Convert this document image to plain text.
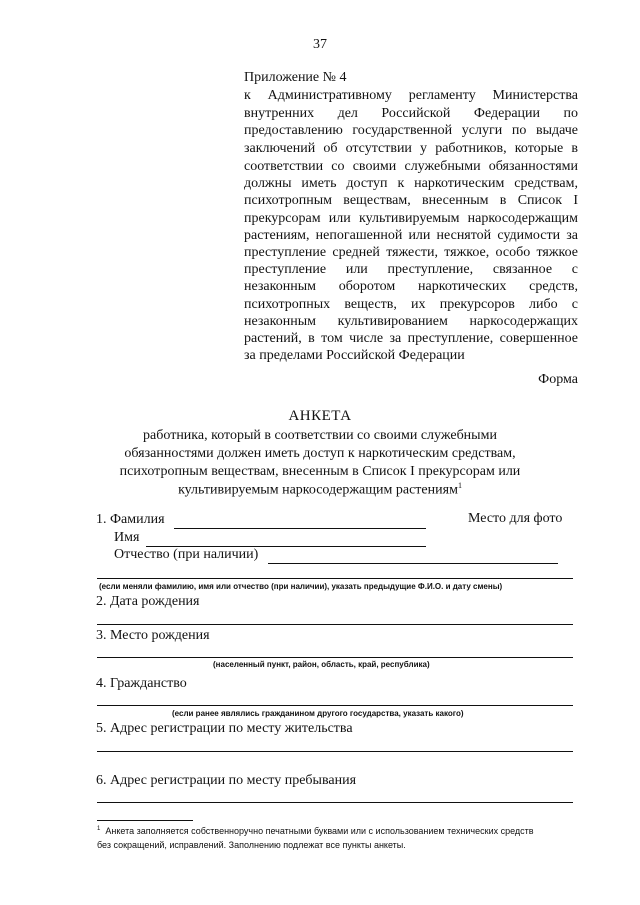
37
Приложение № 4
к Административному регламенту Министерства
внутренних дел Российской Федерации по
предоставлению государственной услуги по выдаче
заключений об отсутствии у работников, которые в
соответствии со своими служебными обязанностями
должны иметь доступ к наркотическим средствам,
психотропным веществам, внесенным в Список I
прекурсорам или культивируемым наркосодержащим
растениям, непогашенной или неснятой судимости за
преступление средней тяжести, тяжкое, особо тяжкое
преступление или преступление, связанное с
незаконным оборотом наркотических средств,
психотропных веществ, их прекурсоров либо с
незаконным культивированием наркосодержащих
растений, в том числе за преступление, совершенное
за пределами Российской Федерации
Форма
АНКЕТА
работника, который в соответствии со своими служебными
обязанностями должен иметь доступ к наркотическим средствам,
психотропным веществам, внесенным в Список I прекурсорам или
культивируемым наркосодержащим растениям$^1$
1. Фамилия	Место для фото
Имя
Отчество (при наличии)
(если меняли фамилию, имя или отчество (при наличии), указать предыдущие Ф.И.О. и дату смены)
2. Дата рождения
3. Место рождения
(населенный пункт, район, область, край, республика)
4. Гражданство
(если ранее являлись гражданином другого государства, указать какого)
5. Адрес регистрации по месту жительства
6. Адрес регистрации по месту пребывания
$^1$ Анкета заполняется собственноручно печатными буквами или с использованием технических средств
без сокращений, исправлений. Заполнению подлежат все пункты анкеты.
